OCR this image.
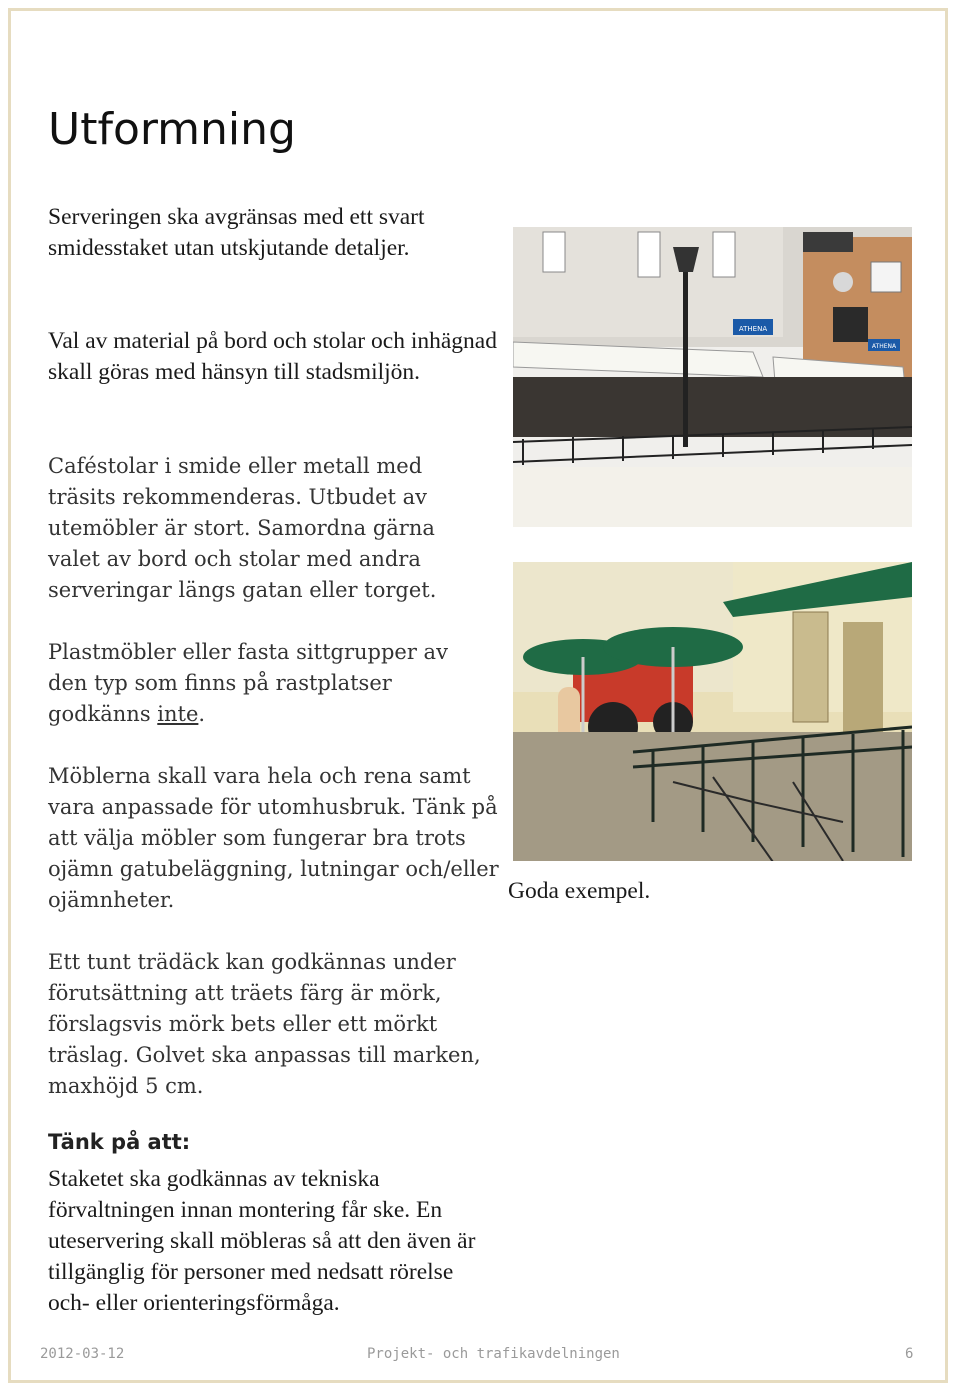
Utformning

Serveringen ska avgränsas med ett svart smidesstaket utan utskjutande detaljer.

Val av material på bord och stolar och inhägnad skall göras med hänsyn till stadsmiljön.

Caféstolar i smide eller metall med träsits rekommenderas. Utbudet av utemöbler är stort. Samordna gärna valet av bord och stolar med andra serveringar längs gatan eller torget.

Plastmöbler eller fasta sittgrupper av den typ som finns på rastplatser godkänns inte.

Möblerna skall vara hela och rena samt vara anpassade för utomhusbruk. Tänk på att välja möbler som fungerar bra trots ojämn gatubeläggning, lutningar och/eller ojämnheter.

Ett tunt trädäck kan godkännas under förutsättning att träets färg är mörk, förslagsvis mörk bets eller ett mörkt träslag. Golvet ska anpassas till marken, maxhöjd 5 cm.

Tänk på att:

Staketet ska godkännas av tekniska förvaltningen innan montering får ske. En uteservering skall möbleras så att den även är tillgänglig för personer med nedsatt rörelse och- eller orienteringsförmåga.

ATHENA
ATHENA
Goda exempel.
2012-03-12	Projekt- och trafikavdelningen	6
